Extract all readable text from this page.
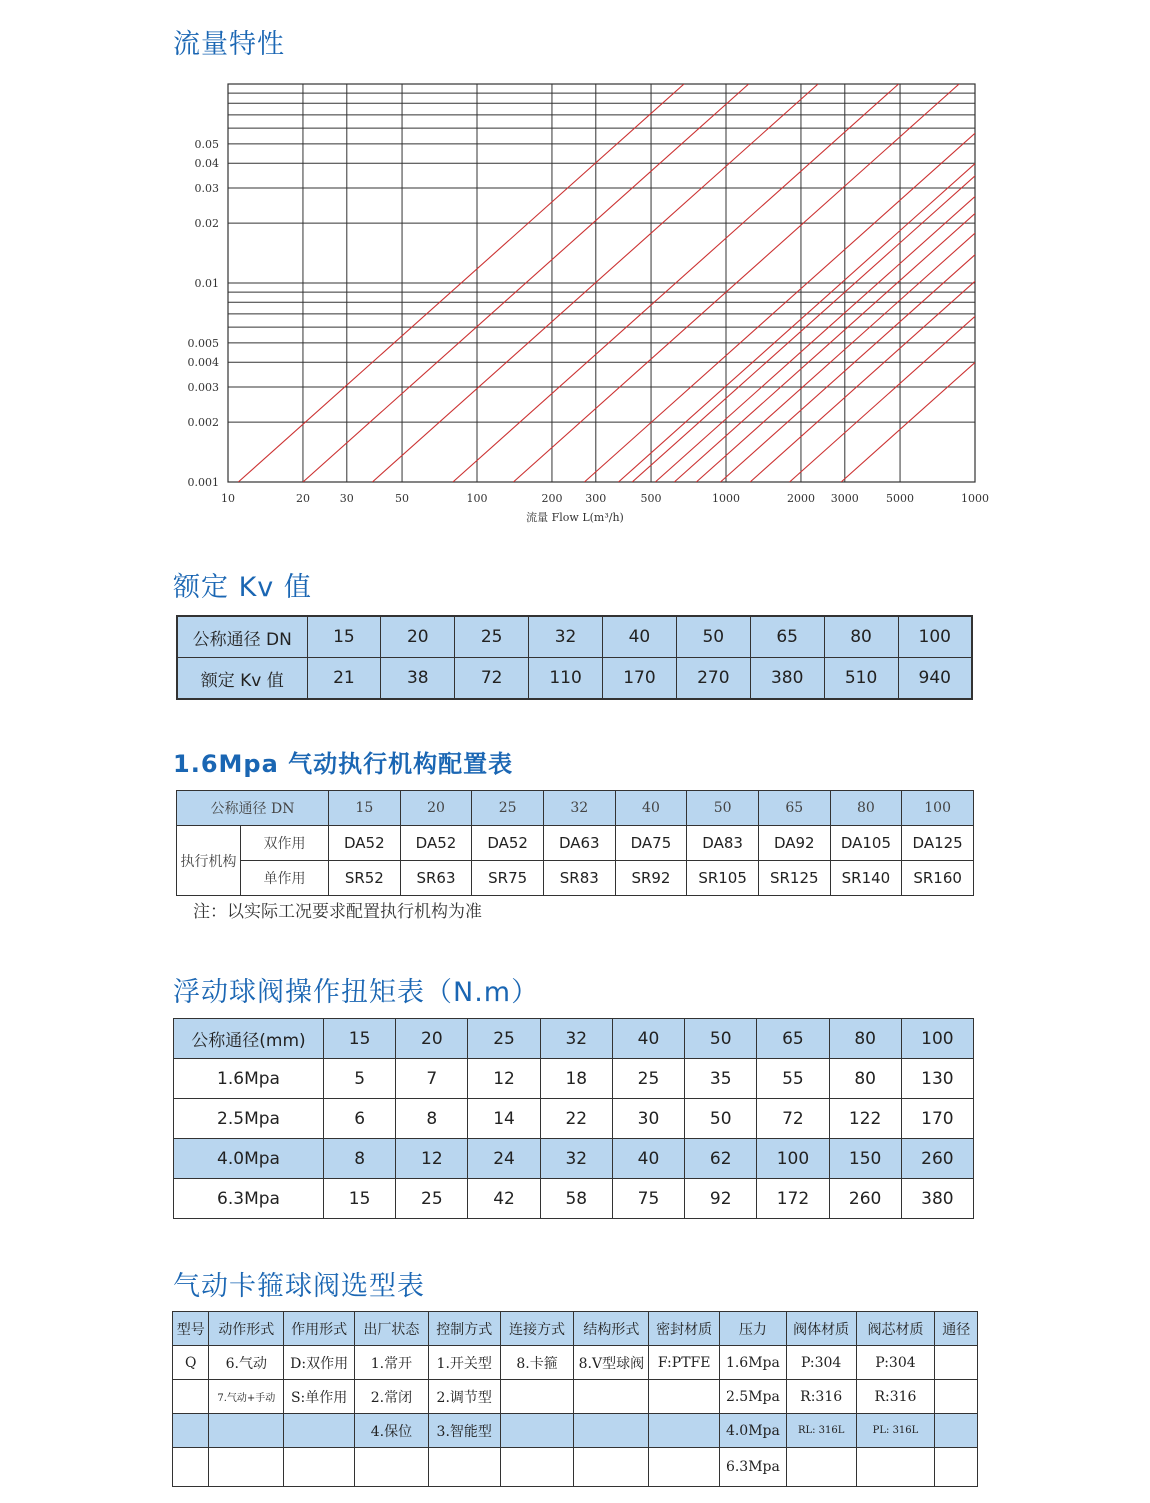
流量特性
10	20	30	50	100	200 300	500	1000	2000 3000 5000	1000
0.001
0.002
0.003
0.004
0.005
0.01
0.02
0.03
0.04
0.05
流量 Flow L(m³/h)
额定 Kv 值
公称通径 DN	15	20	25	32	40	50	65	80	100
额定 Kv 值	21	38	72	110	170	270	380	510	940
1.6Mpa 气动执行机构配置表
公称通径 DN		15	20	25	32	40	50	65	80	100
执行机构	双作用	DA52	DA52	DA52	DA63	DA75	DA83	DA92	DA105	DA125
	单作用	SR52	SR63	SR75	SR83	SR92	SR105	SR125	SR140	SR160
注：以实际工况要求配置执行机构为准
浮动球阀操作扭矩表（N.m）
公称通径(mm)	15	20	25	32	40	50	65	80	100
1.6Mpa	5	7	12	18	25	35	55	80	130
2.5Mpa	6	8	14	22	30	50	72	122	170
4.0Mpa	8	12	24	32	40	62	100	150	260
6.3Mpa	15	25	42	58	75	92	172	260	380
气动卡箍球阀选型表
型号	动作形式	作用形式	出厂状态	控制方式	连接方式	结构形式	密封材质	压力	阀体材质	阀芯材质	通径
Q	6.气动	D:双作用	1.常开	1.开关型	8.卡箍	8.V型球阀	F:PTFE	1.6Mpa	P:304	P:304	
	7.气动+手动	S:单作用	2.常闭	2.调节型				2.5Mpa	R:316	R:316	
			4.保位	3.智能型				4.0Mpa	RL: 316L	PL: 316L	
								6.3Mpa			
